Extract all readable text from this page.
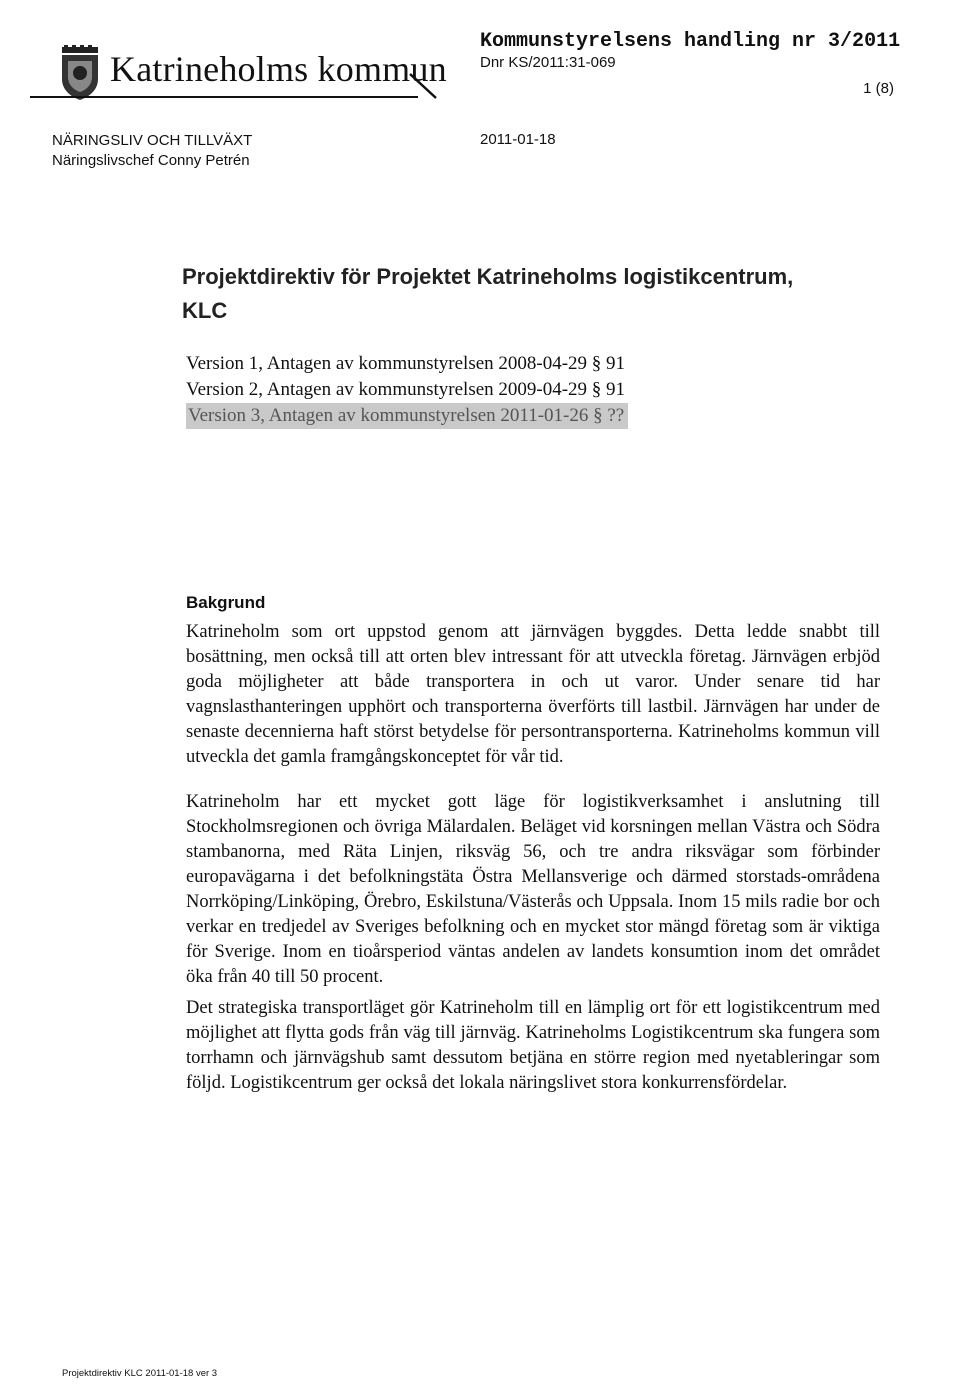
Katrineholms kommun
Kommunstyrelsens handling nr 3/2011
Dnr KS/2011:31-069
1 (8)
NÄRINGSLIV OCH TILLVÄXT
Näringslivschef Conny Petrén
2011-01-18
Projektdirektiv för Projektet Katrineholms logistikcentrum, KLC
Version 1, Antagen av kommunstyrelsen 2008-04-29 § 91
Version 2, Antagen av kommunstyrelsen 2009-04-29 § 91
Version 3, Antagen av kommunstyrelsen 2011-01-26 § ??
Bakgrund
Katrineholm som ort uppstod genom att järnvägen byggdes. Detta ledde snabbt till bosättning, men också till att orten blev intressant för att utveckla företag. Järnvägen erbjöd goda möjligheter att både transportera in och ut varor. Under senare tid har vagnslasthanteringen upphört och transporterna överförts till lastbil. Järnvägen har under de senaste decennierna haft störst betydelse för persontransporterna. Katrineholms kommun vill utveckla det gamla framgångskonceptet för vår tid.
Katrineholm har ett mycket gott läge för logistikverksamhet i anslutning till Stockholmsregionen och övriga Mälardalen. Beläget vid korsningen mellan Västra och Södra stambanorna, med Räta Linjen, riksväg 56, och tre andra riksvägar som förbinder europavägarna i det befolkningstäta Östra Mellansverige och därmed storstads-områdena Norrköping/Linköping, Örebro, Eskilstuna/Västerås och Uppsala. Inom 15 mils radie bor och verkar en tredjedel av Sveriges befolkning och en mycket stor mängd företag som är viktiga för Sverige. Inom en tioårsperiod väntas andelen av landets konsumtion inom det området öka från 40 till 50 procent.
Det strategiska transportläget gör Katrineholm till en lämplig ort för ett logistikcentrum med möjlighet att flytta gods från väg till järnväg. Katrineholms Logistikcentrum ska fungera som torrhamn och järnvägshub samt dessutom betjäna en större region med nyetableringar som följd. Logistikcentrum ger också det lokala näringslivet stora konkurrensfördelar.
Projektdirektiv KLC 2011-01-18 ver 3
